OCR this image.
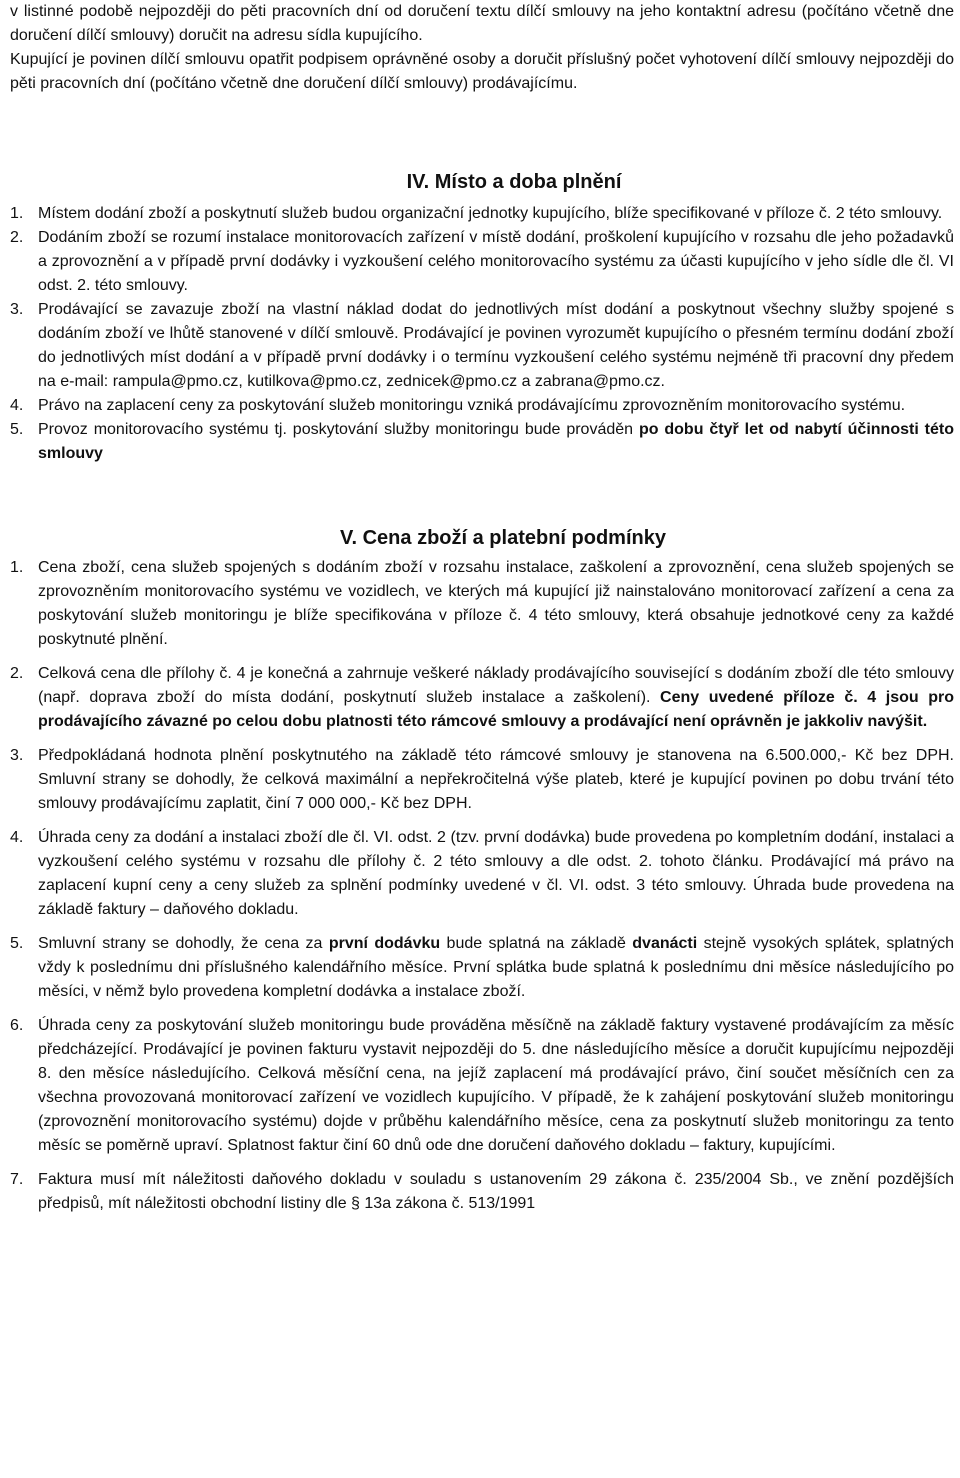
v listinné podobě nejpozději do pěti pracovních dní od doručení textu dílčí smlouvy na jeho kontaktní adresu (počítáno včetně dne doručení dílčí smlouvy) doručit na adresu sídla kupujícího.

Kupující je povinen dílčí smlouvu opatřit podpisem oprávněné osoby a doručit příslušný počet vyhotovení dílčí smlouvy nejpozději do pěti pracovních dní (počítáno včetně dne doručení dílčí smlouvy) prodávajícímu.

IV. Místo a doba plnění
1. Místem dodání zboží a poskytnutí služeb budou organizační jednotky kupujícího, blíže specifikované v příloze č. 2 této smlouvy.
2. Dodáním zboží se rozumí instalace monitorovacích zařízení v místě dodání, proškolení kupujícího v rozsahu dle jeho požadavků a zprovoznění a v případě první dodávky i vyzkoušení celého monitorovacího systému za účasti kupujícího v jeho sídle dle čl. VI odst. 2. této smlouvy.
3. Prodávající se zavazuje zboží na vlastní náklad dodat do jednotlivých míst dodání a poskytnout všechny služby spojené s dodáním zboží ve lhůtě stanovené v dílčí smlouvě. Prodávající je povinen vyrozumět kupujícího o přesném termínu dodání zboží do jednotlivých míst dodání a v případě první dodávky i o termínu vyzkoušení celého systému nejméně tři pracovní dny předem na e-mail: rampula@pmo.cz, kutilkova@pmo.cz, zednicek@pmo.cz a zabrana@pmo.cz.
4. Právo na zaplacení ceny za poskytování služeb monitoringu vzniká prodávajícímu zprovozněním monitorovacího systému.
5. Provoz monitorovacího systému tj. poskytování služby monitoringu bude prováděn po dobu čtyř let od nabytí účinnosti této smlouvy
V. Cena zboží a platební podmínky
1. Cena zboží, cena služeb spojených s dodáním zboží v rozsahu instalace, zaškolení a zprovoznění, cena služeb spojených se zprovozněním monitorovacího systému ve vozidlech, ve kterých má kupující již nainstalováno monitorovací zařízení a cena za poskytování služeb monitoringu je blíže specifikována v příloze č. 4 této smlouvy, která obsahuje jednotkové ceny za každé poskytnuté plnění.
2. Celková cena dle přílohy č. 4 je konečná a zahrnuje veškeré náklady prodávajícího související s dodáním zboží dle této smlouvy (např. doprava zboží do místa dodání, poskytnutí služeb instalace a zaškolení). Ceny uvedené příloze č. 4 jsou pro prodávajícího závazné po celou dobu platnosti této rámcové smlouvy a prodávající není oprávněn je jakkoliv navýšit.
3. Předpokládaná hodnota plnění poskytnutého na základě této rámcové smlouvy je stanovena na 6.500.000,- Kč bez DPH. Smluvní strany se dohodly, že celková maximální a nepřekročitelná výše plateb, které je kupující povinen po dobu trvání této smlouvy prodávajícímu zaplatit, činí 7 000 000,- Kč bez DPH.
4. Úhrada ceny za dodání a instalaci zboží dle čl. VI. odst. 2 (tzv. první dodávka) bude provedena po kompletním dodání, instalaci a vyzkoušení celého systému v rozsahu dle přílohy č. 2 této smlouvy a dle odst. 2. tohoto článku. Prodávající má právo na zaplacení kupní ceny a ceny služeb za splnění podmínky uvedené v čl. VI. odst. 3 této smlouvy. Úhrada bude provedena na základě faktury – daňového dokladu.
5. Smluvní strany se dohodly, že cena za první dodávku bude splatná na základě dvanácti stejně vysokých splátek, splatných vždy k poslednímu dni příslušného kalendářního měsíce. První splátka bude splatná k poslednímu dni měsíce následujícího po měsíci, v němž bylo provedena kompletní dodávka a instalace zboží.
6. Úhrada ceny za poskytování služeb monitoringu bude prováděna měsíčně na základě faktury vystavené prodávajícím za měsíc předcházející. Prodávající je povinen fakturu vystavit nejpozději do 5. dne následujícího měsíce a doručit kupujícímu nejpozději 8. den měsíce následujícího. Celková měsíční cena, na jejíž zaplacení má prodávající právo, činí součet měsíčních cen za všechna provozovaná monitorovací zařízení ve vozidlech kupujícího. V případě, že k zahájení poskytování služeb monitoringu (zprovoznění monitorovacího systému) dojde v průběhu kalendářního měsíce, cena za poskytnutí služeb monitoringu za tento měsíc se poměrně upraví. Splatnost faktur činí 60 dnů ode dne doručení daňového dokladu – faktury, kupujícími.
7. Faktura musí mít náležitosti daňového dokladu v souladu s ustanovením 29 zákona č. 235/2004 Sb., ve znění pozdějších předpisů, mít náležitosti obchodní listiny dle § 13a zákona č. 513/1991
